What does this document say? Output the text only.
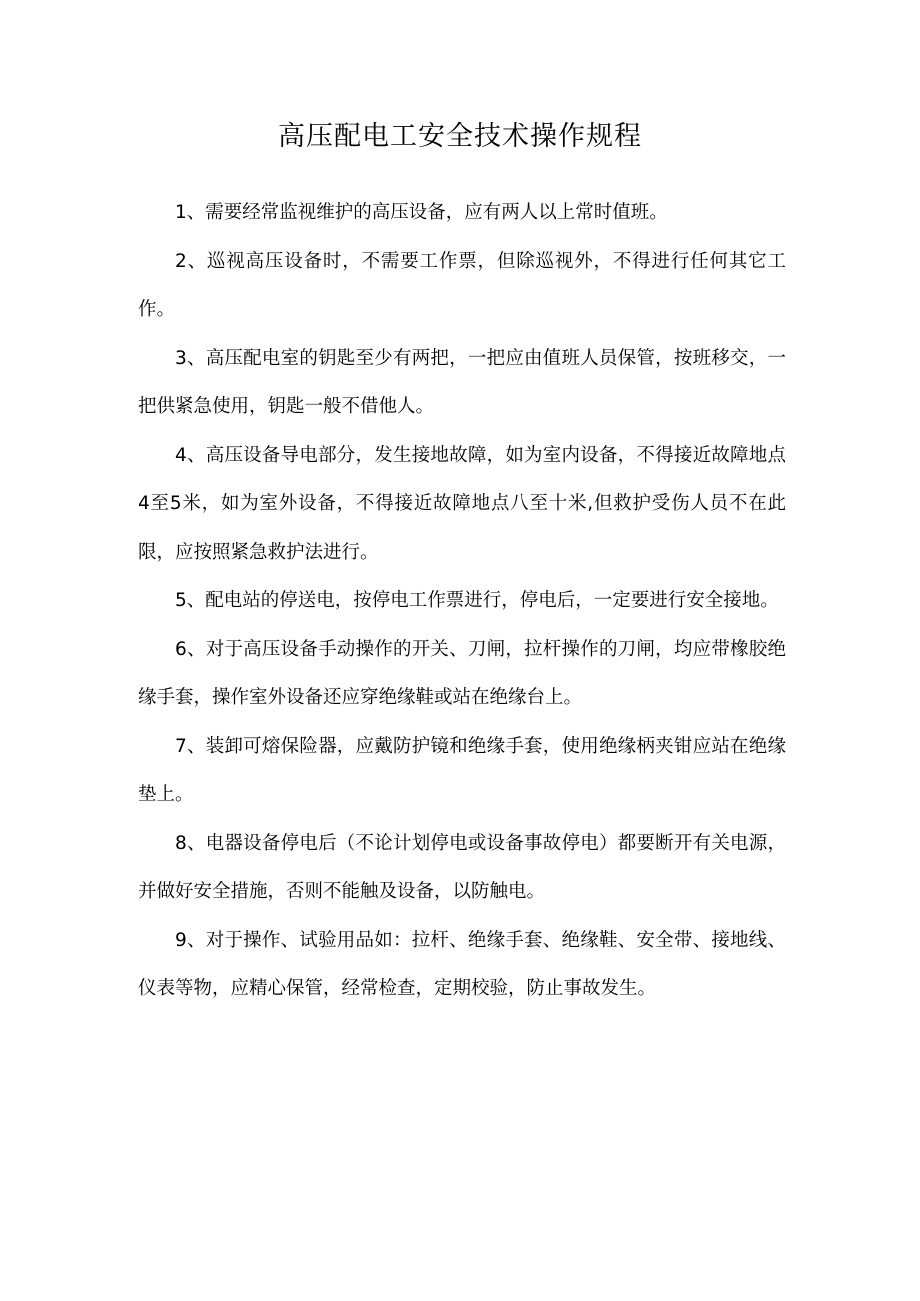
高压配电工安全技术操作规程

1、需要经常监视维护的高压设备，应有两人以上常时值班。

2、巡视高压设备时，不需要工作票，但除巡视外，不得进行任何其它工作。

3、高压配电室的钥匙至少有两把，一把应由值班人员保管，按班移交，一把供紧急使用，钥匙一般不借他人。

4、高压设备导电部分，发生接地故障，如为室内设备，不得接近故障地点4至5米，如为室外设备，不得接近故障地点八至十米,但救护受伤人员不在此限，应按照紧急救护法进行。

5、配电站的停送电，按停电工作票进行，停电后，一定要进行安全接地。

6、对于高压设备手动操作的开关、刀闸，拉杆操作的刀闸，均应带橡胶绝缘手套，操作室外设备还应穿绝缘鞋或站在绝缘台上。

7、装卸可熔保险器，应戴防护镜和绝缘手套，使用绝缘柄夹钳应站在绝缘垫上。

8、电器设备停电后（不论计划停电或设备事故停电）都要断开有关电源，并做好安全措施，否则不能触及设备，以防触电。

9、对于操作、试验用品如：拉杆、绝缘手套、绝缘鞋、安全带、接地线、仪表等物，应精心保管，经常检查，定期校验，防止事故发生。
